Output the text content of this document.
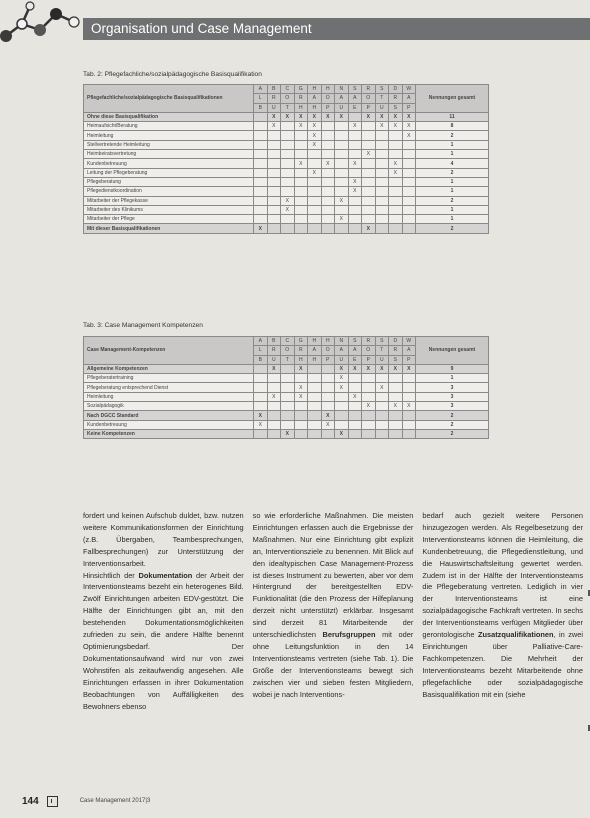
Organisation und Case Management
Tab. 2: Pflegefachliche/sozialpädagogische Basisqualifikation
Pflegefachliche/sozialpädagogische Basisqualifikationen	A	B	C	G	H	H	N	S	R	S	D	W	Nennungen gesamt
	L	R	O	R	A	O	A	A	O	T	R	A	
	B	U	T	H	H	P	U	E	P	U	S	P	
Ohne diese Basisqualifikation		X	X	X	X	X	X		X	X	X	X	11
Heimaufsicht/Beratung		X		X	X			X		X	X	X	8
Heimleitung					X							X	2
Stellvertretende Heimleitung					X								1
Heimbeiratsvertretung									X				1
Kundenbetreuung				X		X		X			X		4
Leitung der Pflegeberatung					X						X		2
Pflegeberatung								X					1
Pflegedienstkoordination								X					1
Mitarbeiter der Pflegekasse			X				X						2
Mitarbeiter des Klinikums			X										1
Mitarbeiter der Pflege							X						1
Mit dieser Basisqualifikationen	X								X				2
Tab. 3: Case Management Kompetenzen
Case Management-Kompetenzen	A	B	C	G	H	H	N	S	R	S	D	W	Nennungen gesamt
	L	R	O	R	A	O	A	A	O	T	R	A	
	B	U	T	H	H	P	U	E	P	U	S	P	
Allgemeine Kompetenzen		X		X			X	X	X	X	X	X	9
Pflegeberatertraining							X						1
Pflegeberatung entsprechend Dienst				X			X			X			3
Heimleitung		X		X				X					3
Sozialpädagogik									X		X	X	3
Nach DGCC Standard	X					X							2
Kundenbetreuung	X					X							2
Keine Kompetenzen			X				X						2

fordert und keinen Aufschub duldet, bzw. nutzen weitere Kommunikationsformen der Einrichtung (z.B. Übergaben, Teambesprechungen, Fallbesprechungen) zur Unterstützung der Interventionsarbeit.

Hinsichtlich der Dokumentation der Arbeit der Interventionsteams bezeht ein heterogenes Bild. Zwölf Einrichtungen arbeiten EDV-gestützt. Die Hälfte der Einrichtungen gibt an, mit den bestehenden Dokumentationsmöglichkeiten zufrieden zu sein, die andere Hälfte benennt Optimierungsbedarf. Der Dokumentationsaufwand wird nur von zwei Wohnstifen als zeitaufwendig angesehen. Alle Einrichtungen erfassen in ihrer Dokumentation Beobachtungen von Auffälligkeiten des Bewohners ebenso

so wie erforderliche Maßnahmen. Die meisten Einrichtungen erfassen auch die Ergebnisse der Maßnahmen. Nur eine Einrichtung gibt explizit an, Interventionsziele zu benennen. Mit Blick auf den idealtypischen Case Management-Prozess ist dieses Instrument zu bewerten, aber vor dem Hintergrund der bereitgestellten EDV-Funktionalität (die den Prozess der Hilfeplanung derzeit nicht unterstützt) erklärbar. Insgesamt sind derzeit 81 Mitarbeitende der unterschiedlichsten Berufsgruppen mit oder ohne Leitungsfunktion in den 14 Interventionsteams vertreten (siehe Tab. 1). Die Größe der Interventionsteams bewegt sich zwischen vier und sieben festen Mitgliedern, wobei je nach Interventions-

bedarf auch gezielt weitere Personen hinzugezogen werden. Als Regelbesetzung der Interventionsteams können die Heimleitung, die Kundenbetreuung, die Pflegedienstleitung, und die Hauswirtschaftsleitung gewertet werden. Zudem ist in der Hälfte der Interventionsteams die Pflegeberatung vertreten. Lediglich in vier der Interventionsteams ist eine sozialpädagogische Fachkraft vertreten. In sechs der Interventionsteams verfügen Mitglieder über gerontologische Zusatzqualifikationen, in zwei Einrichtungen über Palliative-Care-Fachkompetenzen. Die Mehrheit der Interventionsteams bezeht Mitarbeitende ohne pflegefachliche oder sozialpädagogische Basisqualifikation mit ein (siehe

144	Case Management 2017|3
